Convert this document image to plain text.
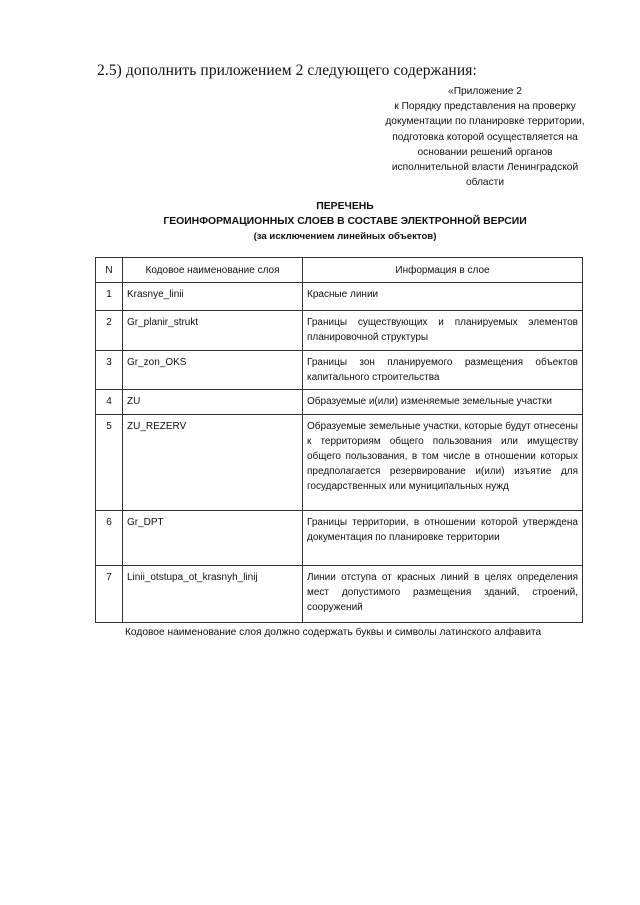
2.5) дополнить приложением 2 следующего содержания:
«Приложение 2
к Порядку представления на проверку
документации по планировке территории,
подготовка которой осуществляется на
основании решений органов
исполнительной власти Ленинградской
области
ПЕРЕЧЕНЬ
ГЕОИНФОРМАЦИОННЫХ СЛОЕВ В СОСТАВЕ ЭЛЕКТРОННОЙ ВЕРСИИ
(за исключением линейных объектов)
N	Кодовое наименование слоя	Информация в слое
1	Krasnye_linii	Красные линии
2	Gr_planir_strukt	Границы существующих и планируемых элементов планировочной структуры
3	Gr_zon_OKS	Границы зон планируемого размещения объектов капитального строительства
4	ZU	Образуемые и(или) изменяемые земельные участки
5	ZU_REZERV	Образуемые земельные участки, которые будут отнесены к территориям общего пользования или имуществу общего пользования, в том числе в отношении которых предполагается резервирование и(или) изъятие для государственных или муниципальных нужд
6	Gr_DPT	Границы территории, в отношении которой утверждена документация по планировке территории
7	Linii_otstupa_ot_krasnyh_linij	Линии отступа от красных линий в целях определения мест допустимого размещения зданий, строений, сооружений
Кодовое наименование слоя должно содержать буквы и символы латинского алфавита
